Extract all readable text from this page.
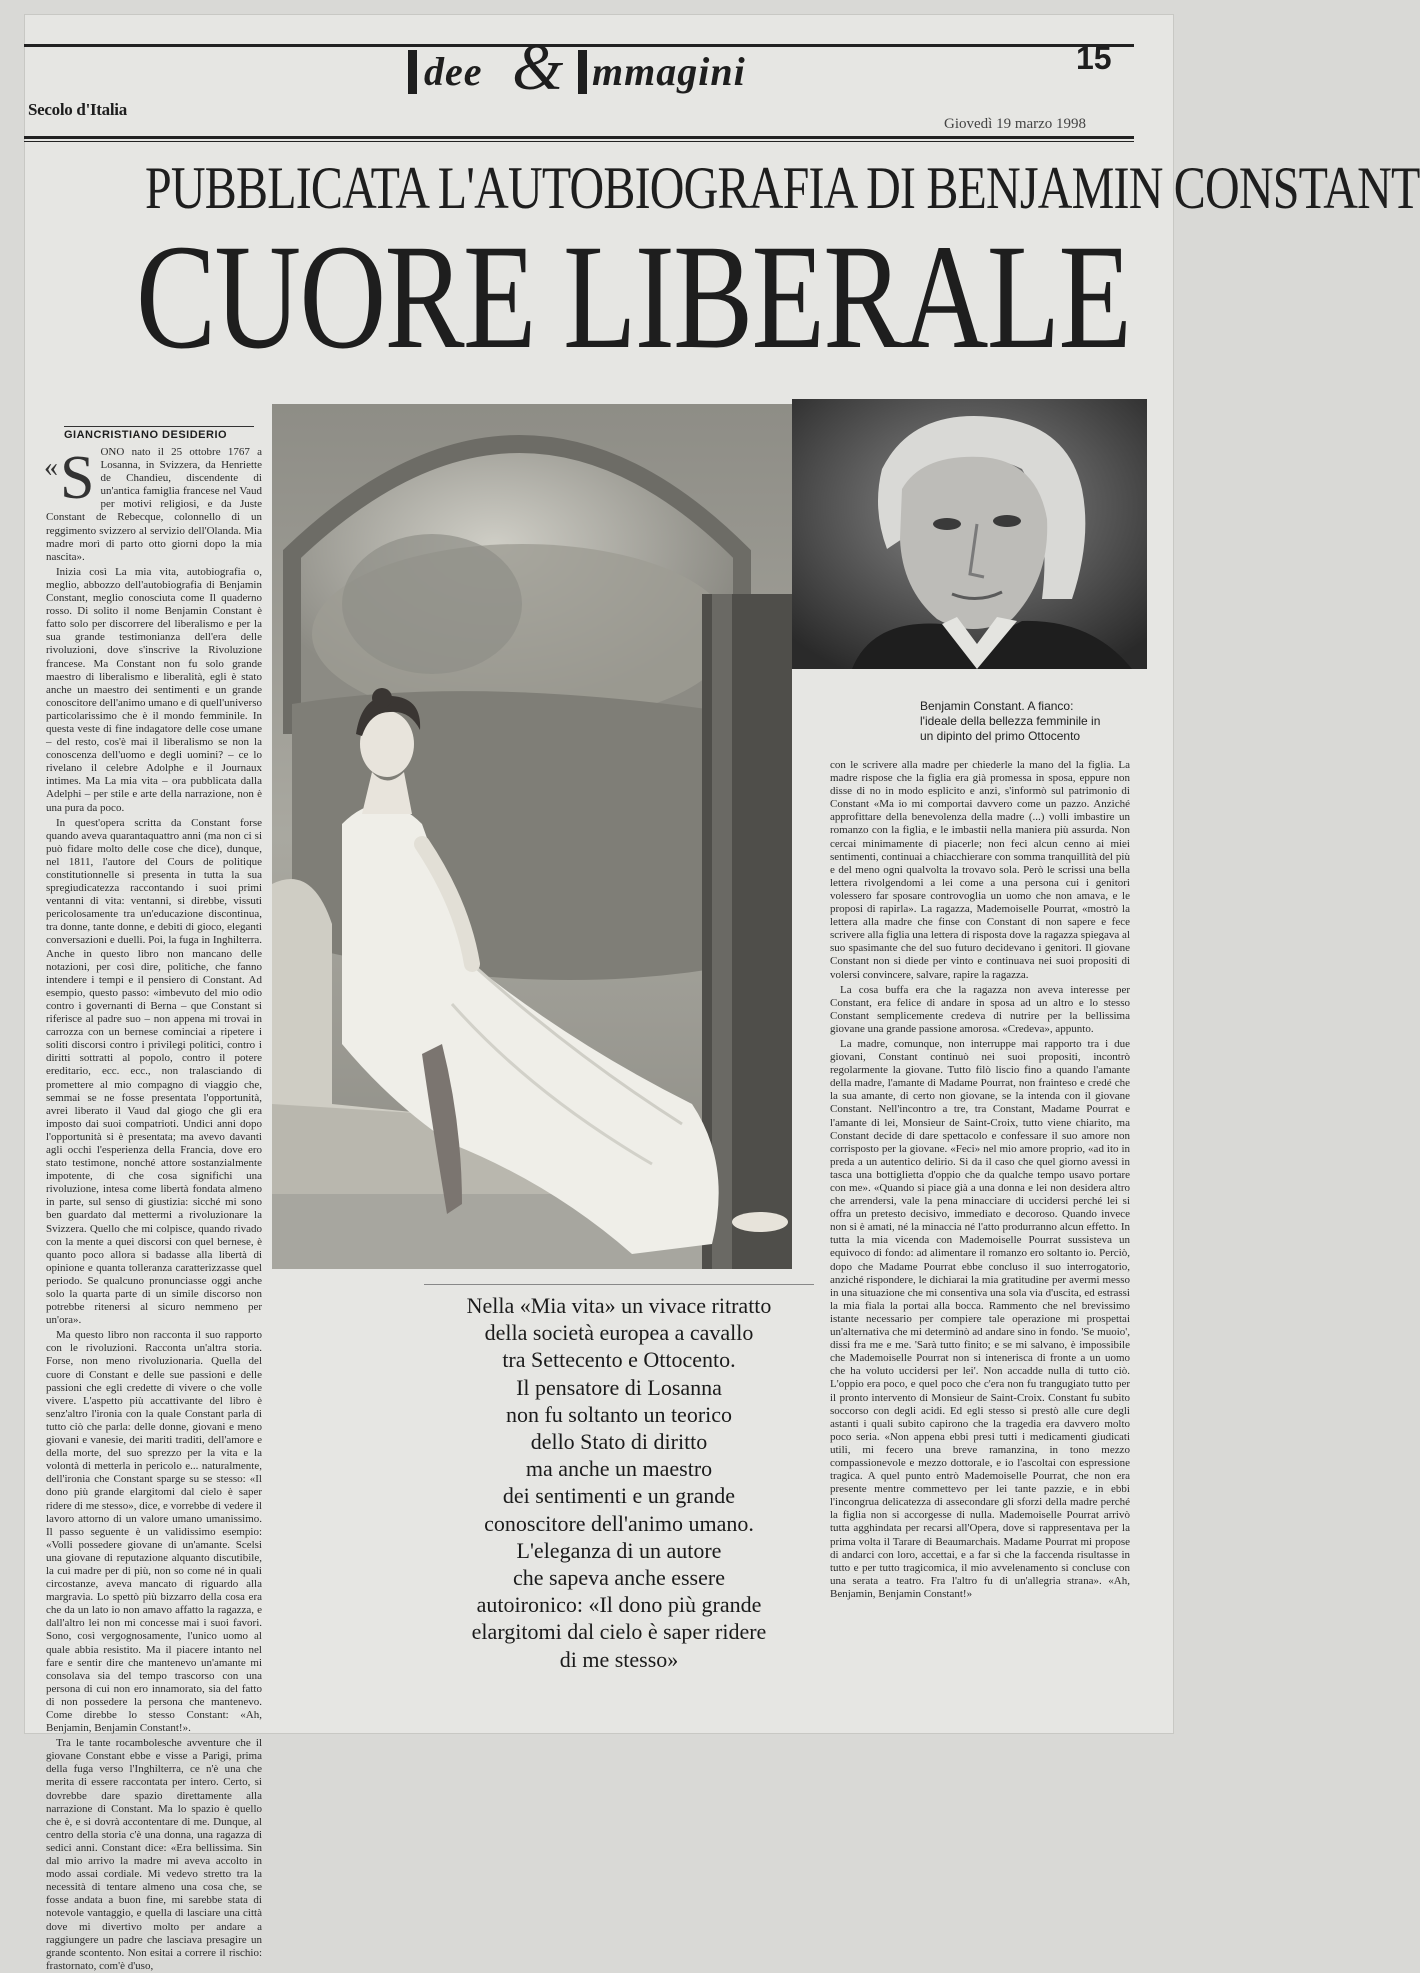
dee & mmagini	15
Secolo d'Italia
Giovedì 19 marzo 1998
PUBBLICATA L'AUTOBIOGRAFIA DI BENJAMIN CONSTANT
CUORE LIBERALE
GIANCRISTIANO DESIDERIO
« S ONO nato il 25 ottobre 1767 a Losanna, in Svizzera, da Henriette de Chandieu, discendente di un'antica famiglia francese nel Vaud per motivi religiosi, e da Juste Constant de Rebecque, colonnello di un reggimento svizzero al servizio dell'Olanda. Mia madre morì di parto otto giorni dopo la mia nascita».

Inizia così La mia vita, autobiografia o, meglio, abbozzo dell'autobiografia di Benjamin Constant, meglio conosciuta come Il quaderno rosso. Di solito il nome Benjamin Constant è fatto solo per discorrere del liberalismo e per la sua grande testimonianza dell'era delle rivoluzioni, dove s'inscrive la Rivoluzione francese. Ma Constant non fu solo grande maestro di liberalismo e liberalità, egli è stato anche un maestro dei sentimenti e un grande conoscitore dell'animo umano e di quell'universo particolarissimo che è il mondo femminile. In questa veste di fine indagatore delle cose umane – del resto, cos'è mai il liberalismo se non la conoscenza dell'uomo e degli uomini? – ce lo rivelano il celebre Adolphe e il Journaux intimes. Ma La mia vita – ora pubblicata dalla Adelphi – per stile e arte della narrazione, non è una pura da poco.

In quest'opera scritta da Constant forse quando aveva quarantaquattro anni (ma non ci si può fidare molto delle cose che dice), dunque, nel 1811, l'autore del Cours de politique constitutionnelle si presenta in tutta la sua spregiudicatezza raccontando i suoi primi ventanni di vita: ventanni, si direbbe, vissuti pericolosamente tra un'educazione discontinua, tra donne, tante donne, e debiti di gioco, eleganti conversazioni e duelli. Poi, la fuga in Inghilterra. Anche in questo libro non mancano delle notazioni, per così dire, politiche, che fanno intendere i tempi e il pensiero di Constant. Ad esempio, questo passo: «imbevuto del mio odio contro i governanti di Berna – que Constant si riferisce al padre suo – non appena mi trovai in carrozza con un bernese cominciai a ripetere i soliti discorsi contro i privilegi politici, contro i diritti sottratti al popolo, contro il potere ereditario, ecc. ecc., non tralasciando di promettere al mio compagno di viaggio che, semmai se ne fosse presentata l'opportunità, avrei liberato il Vaud dal giogo che gli era imposto dai suoi compatrioti. Undici anni dopo l'opportunità si è presentata; ma avevo davanti agli occhi l'esperienza della Francia, dove ero stato testimone, nonché attore sostanzialmente impotente, di che cosa significhi una rivoluzione, intesa come libertà fondata almeno in parte, sul senso di giustizia: sicché mi sono ben guardato dal mettermi a rivoluzionare la Svizzera. Quello che mi colpisce, quando rivado con la mente a quei discorsi con quel bernese, è quanto poco allora si badasse alla libertà di opinione e quanta tolleranza caratterizzasse quel periodo. Se qualcuno pronunciasse oggi anche solo la quarta parte di un simile discorso non potrebbe ritenersi al sicuro nemmeno per un'ora».

Ma questo libro non racconta il suo rapporto con le rivoluzioni. Racconta un'altra storia. Forse, non meno rivoluzionaria. Quella del cuore di Constant e delle sue passioni e delle passioni che egli credette di vivere o che volle vivere. L'aspetto più accattivante del libro è senz'altro l'ironia con la quale Constant parla di tutto ciò che parla: delle donne, giovani e meno giovani e vanesie, dei mariti traditi, dell'amore e della morte, del suo sprezzo per la vita e la volontà di metterla in pericolo e... naturalmente, dell'ironia che Constant sparge su se stesso: «Il dono più grande elargitomi dal cielo è saper ridere di me stesso», dice, e vorrebbe di vedere il lavoro attorno di un valore umano umanissimo. Il passo seguente è un validissimo esempio: «Volli possedere giovane di un'amante. Scelsi una giovane di reputazione alquanto discutibile, la cui madre per di più, non so come né in quali circostanze, aveva mancato di riguardo alla margravia. Lo spettò più bizzarro della cosa era che da un lato io non amavo affatto la ragazza, e dall'altro lei non mi concesse mai i suoi favori. Sono, così vergognosamente, l'unico uomo al quale abbia resistito. Ma il piacere intanto nel fare e sentir dire che mantenevo un'amante mi consolava sia del tempo trascorso con una persona di cui non ero innamorato, sia del fatto di non possedere la persona che mantenevo. Come direbbe lo stesso Constant: «Ah, Benjamin, Benjamin Constant!».

Tra le tante rocambolesche avventure che il giovane Constant ebbe e visse a Parigi, prima della fuga verso l'Inghilterra, ce n'è una che merita di essere raccontata per intero. Certo, si dovrebbe dare spazio direttamente alla narrazione di Constant. Ma lo spazio è quello che è, e si dovrà accontentare di me. Dunque, al centro della storia c'è una donna, una ragazza di sedici anni. Constant dice: «Era bellissima. Sin dal mio arrivo la madre mi aveva accolto in modo assai cordiale. Mi vedevo stretto tra la necessità di tentare almeno una cosa che, se fosse andata a buon fine, mi sarebbe stata di notevole vantaggio, e quella di lasciare una città dove mi divertivo molto per andare a raggiungere un padre che lasciava presagire un grande scontento. Non esitai a correre il rischio: frastornato, com'è d'uso,

Benjamin Constant. A fianco: l'ideale della bellezza femminile in un dipinto del primo Ottocento

con le scrivere alla madre per chiederle la mano del la figlia. La madre rispose che la figlia era già promessa in sposa, eppure non disse di no in modo esplicito e anzi, s'informò sul patrimonio di Constant «Ma io mi comportai davvero come un pazzo. Anziché approfittare della benevolenza della madre (...) volli imbastire un romanzo con la figlia, e le imbastii nella maniera più assurda. Non cercai minimamente di piacerle; non feci alcun cenno ai miei sentimenti, continuai a chiacchierare con somma tranquillità del più e del meno ogni qualvolta la trovavo sola. Però le scrissi una bella lettera rivolgendomi a lei come a una persona cui i genitori volessero far sposare controvoglia un uomo che non amava, e le proposi di rapirla». La ragazza, Mademoiselle Pourrat, «mostrò la lettera alla madre che finse con Constant di non sapere e fece scrivere alla figlia una lettera di risposta dove la ragazza spiegava al suo spasimante che del suo futuro decidevano i genitori. Il giovane Constant non si diede per vinto e continuava nei suoi propositi di volersi convincere, salvare, rapire la ragazza.

La cosa buffa era che la ragazza non aveva interesse per Constant, era felice di andare in sposa ad un altro e lo stesso Constant semplicemente credeva di nutrire per la bellissima giovane una grande passione amorosa. «Credeva», appunto.

La madre, comunque, non interruppe mai rapporto tra i due giovani, Constant continuò nei suoi propositi, incontrò regolarmente la giovane. Tutto filò liscio fino a quando l'amante della madre, l'amante di Madame Pourrat, non frainteso e credé che la sua amante, di certo non giovane, se la intenda con il giovane Constant. Nell'incontro a tre, tra Constant, Madame Pourrat e l'amante di lei, Monsieur de Saint-Croix, tutto viene chiarito, ma Constant decide di dare spettacolo e confessare il suo amore non corrisposto per la giovane. «Feci» nel mio amore proprio, «ad ito in preda a un autentico delirio. Si da il caso che quel giorno avessi in tasca una bottiglietta d'oppio che da qualche tempo usavo portare con me». «Quando si piace già a una donna e lei non desidera altro che arrendersi, vale la pena minacciare di uccidersi perché lei si offra un pretesto decisivo, immediato e decoroso. Quando invece non si è amati, né la minaccia né l'atto produrranno alcun effetto. In tutta la mia vicenda con Mademoiselle Pourrat sussisteva un equivoco di fondo: ad alimentare il romanzo ero soltanto io. Perciò, dopo che Madame Pourrat ebbe concluso il suo interrogatorio, anziché rispondere, le dichiarai la mia gratitudine per avermi messo in una situazione che mi consentiva una sola via d'uscita, ed estrassi la mia fiala la portai alla bocca. Rammento che nel brevissimo istante necessario per compiere tale operazione mi prospettai un'alternativa che mi determinò ad andare sino in fondo. 'Se muoio', dissi fra me e me. 'Sarà tutto finito; e se mi salvano, è impossibile che Mademoiselle Pourrat non si intenerisca di fronte a un uomo che ha voluto uccidersi per lei'. Non accadde nulla di tutto ciò. L'oppio era poco, e quel poco che c'era non fu trangugiato tutto per il pronto intervento di Monsieur de Saint-Croix. Constant fu subito soccorso con degli acidi. Ed egli stesso si prestò alle cure degli astanti i quali subito capirono che la tragedia era davvero molto poco seria. «Non appena ebbi presi tutti i medicamenti giudicati utili, mi fecero una breve ramanzina, in tono mezzo compassionevole e mezzo dottorale, e io l'ascoltai con espressione tragica. A quel punto entrò Mademoiselle Pourrat, che non era presente mentre commettevo per lei tante pazzie, e in ebbi l'incongrua delicatezza di assecondare gli sforzi della madre perché la figlia non si accorgesse di nulla. Mademoiselle Pourrat arrivò tutta agghindata per recarsi all'Opera, dove si rappresentava per la prima volta il Tarare di Beaumarchais. Madame Pourrat mi propose di andarci con loro, accettai, e a far sì che la faccenda risultasse in tutto e per tutto tragicomica, il mio avvelenamento si concluse con una serata a teatro. Fra l'altro fu di un'allegria strana». «Ah, Benjamin, Benjamin Constant!»

Nella «Mia vita» un vivace ritratto
della società europea a cavallo
tra Settecento e Ottocento.
Il pensatore di Losanna
non fu soltanto un teorico
dello Stato di diritto
ma anche un maestro
dei sentimenti e un grande
conoscitore dell'animo umano.
L'eleganza di un autore
che sapeva anche essere
autoironico: «Il dono più grande
elargitomi dal cielo è saper ridere
di me stesso»
